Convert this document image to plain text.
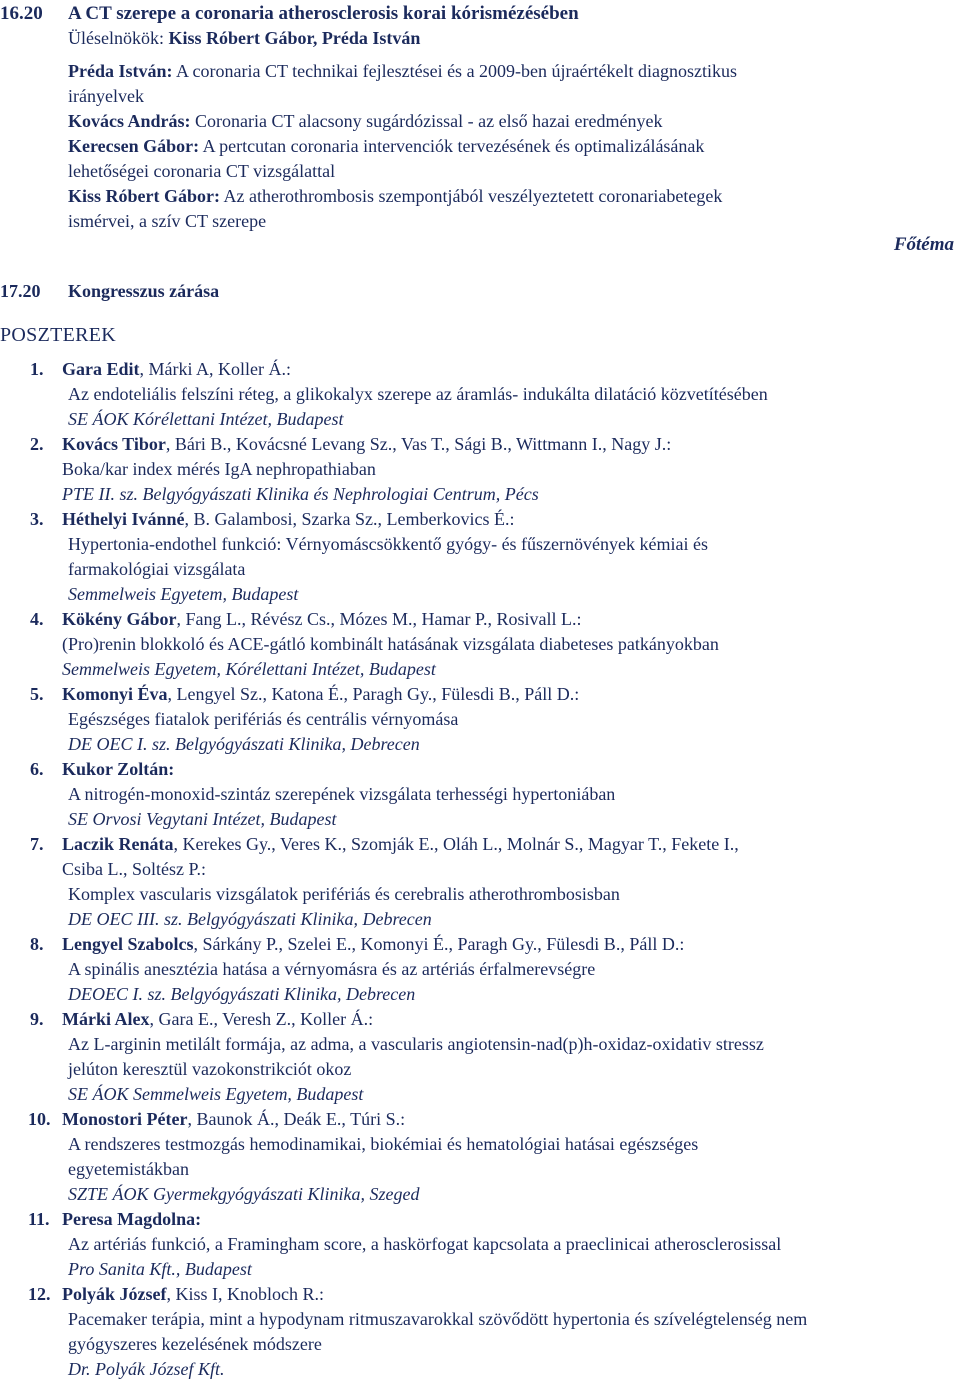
16.20 A CT szerepe a coronaria atherosclerosis korai kórismézésében
Üléselnökök: Kiss Róbert Gábor, Préda István
Préda István: A coronaria CT technikai fejlesztései és a 2009-ben újraértékelt diagnosztikus
irányelvek
Kovács András: Coronaria CT alacsony sugárdózissal - az első hazai eredmények
Kerecsen Gábor: A pertcutan coronaria intervenciók tervezésének és optimalizálásának
lehetőségei coronaria CT vizsgálattal
Kiss Róbert Gábor: Az atherothrombosis szempontjából veszélyeztetett coronariabetegek
ismérvei, a szív CT szerepe
Főtéma
17.20 Kongresszus zárása
POSZTEREK
1. Gara Edit, Márki A, Koller Á.:
Az endoteliális felszíni réteg, a glikokalyx szerepe az áramlás- indukálta dilatáció közvetítésében
SE ÁOK Kórélettani Intézet, Budapest
2. Kovács Tibor, Bári B., Kovácsné Levang Sz., Vas T., Sági B., Wittmann I., Nagy J.:
Boka/kar index mérés IgA nephropathiaban
PTE II. sz. Belgyógyászati Klinika és Nephrologiai Centrum, Pécs
3. Héthelyi Ivánné, B. Galambosi, Szarka Sz., Lemberkovics É.:
Hypertonia-endothel funkció: Vérnyomáscsökkentő gyógy- és fűszernövények kémiai és
farmakológiai vizsgálata
Semmelweis Egyetem, Budapest
4. Kökény Gábor, Fang L., Révész Cs., Mózes M., Hamar P., Rosivall L.:
(Pro)renin blokkoló és ACE-gátló kombinált hatásának vizsgálata diabeteses patkányokban
Semmelweis Egyetem, Kórélettani Intézet, Budapest
5. Komonyi Éva, Lengyel Sz., Katona É., Paragh Gy., Fülesdi B., Páll D.:
Egészséges fiatalok perifériás és centrális vérnyomása
DE OEC I. sz. Belgyógyászati Klinika, Debrecen
6. Kukor Zoltán:
A nitrogén-monoxid-szintáz szerepének vizsgálata terhességi hypertoniában
SE Orvosi Vegytani Intézet, Budapest
7. Laczik Renáta, Kerekes Gy., Veres K., Szomják E., Oláh L., Molnár S., Magyar T., Fekete I.,
Csiba L., Soltész P.:
Komplex vascularis vizsgálatok perifériás és cerebralis atherothrombosisban
DE OEC III. sz. Belgyógyászati Klinika, Debrecen
8. Lengyel Szabolcs, Sárkány P., Szelei E., Komonyi É., Paragh Gy., Fülesdi B., Páll D.:
A spinális anesztézia hatása a vérnyomásra és az artériás érfalmerevségre
DEOEC I. sz. Belgyógyászati Klinika, Debrecen
9. Márki Alex, Gara E., Veresh Z., Koller Á.:
Az L-arginin metilált formája, az adma, a vascularis angiotensin-nad(p)h-oxidaz-oxidativ stressz
jelúton keresztül vazokonstrikciót okoz
SE ÁOK Semmelweis Egyetem, Budapest
10. Monostori Péter, Baunok Á., Deák E., Túri S.:
A rendszeres testmozgás hemodinamikai, biokémiai és hematológiai hatásai egészséges
egyetemistákban
SZTE ÁOK Gyermekgyógyászati Klinika, Szeged
11. Peresa Magdolna:
Az artériás funkció, a Framingham score, a haskörfogat kapcsolata a praeclinicai atherosclerosissal
Pro Sanita Kft., Budapest
12. Polyák József, Kiss I, Knobloch R.:
Pacemaker terápia, mint a hypodynam ritmuszavarokkal szövődött hypertonia és szívelégtelenség nem
gyógyszeres kezelésének módszere
Dr. Polyák József Kft.
